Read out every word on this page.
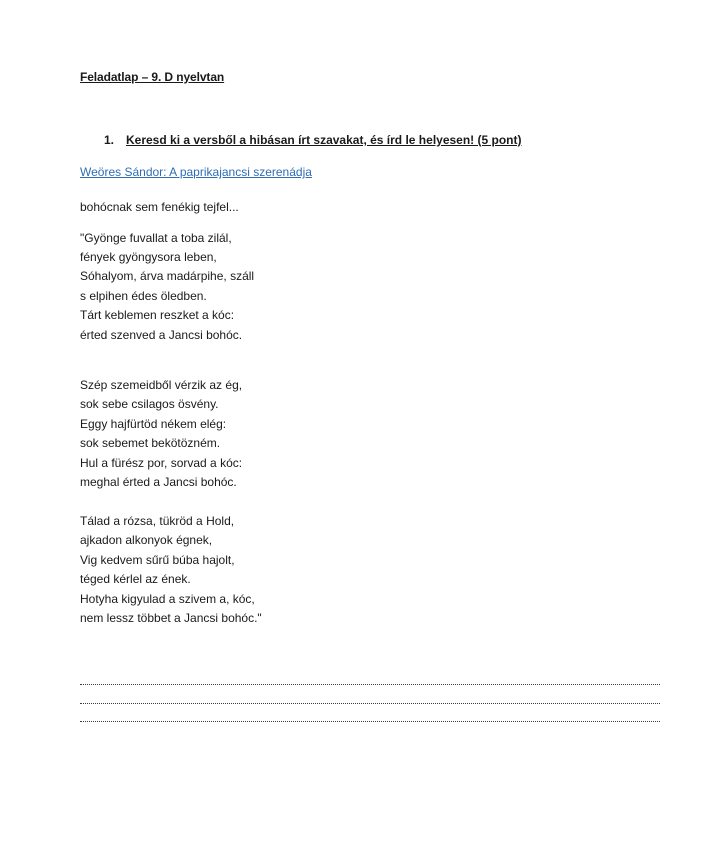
Feladatlap – 9. D nyelvtan
1. Keresd ki a versből a hibásan írt szavakat, és írd le helyesen! (5 pont)
Weöres Sándor: A paprikajancsi szerenádja
bohócnak sem fenékig tejfel...
"Gyönge fuvallat a toba zilál,
fények gyöngysora leben,
Sóhalyom, árva madárpihe, száll
s elpihen édes öledben.
Tárt keblemen reszket a kóc:
érted szenved a Jancsi bohóc.
Szép szemeidből vérzik az ég,
sok sebe csilagos ösvény.
Eggy hajfürtöd nékem elég:
sok sebemet bekötözném.
Hul a fürész por, sorvad a kóc:
meghal érted a Jancsi bohóc.
Tálad a rózsa, tükröd a Hold,
ajkadon alkonyok égnek,
Vig kedvem sűrű búba hajolt,
téged kérlel az ének.
Hotyha kigyulad a szivem a, kóc,
nem lessz többet a Jancsi bohóc."
